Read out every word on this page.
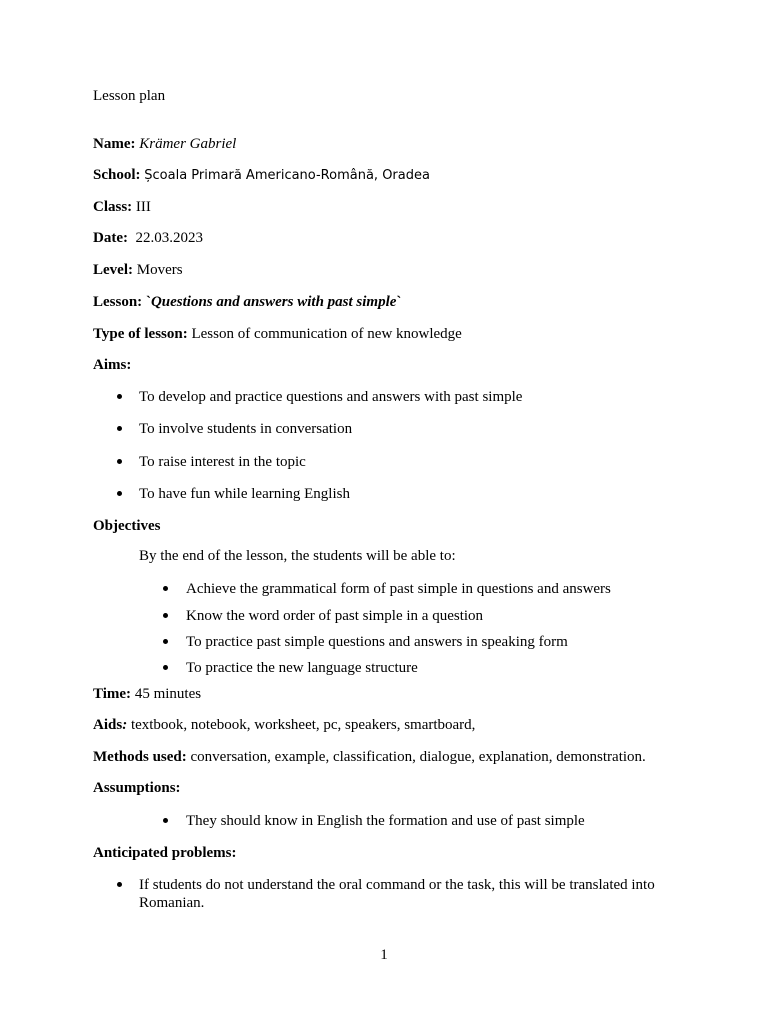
Lesson plan
Name: Krämer Gabriel
School: Școala Primară Americano-Română, Oradea
Class: III
Date: 22.03.2023
Level: Movers
Lesson: `Questions and answers with past simple`
Type of lesson: Lesson of communication of new knowledge
Aims:
To develop and practice questions and answers with past simple
To involve students in conversation
To raise interest in the topic
To have fun while learning English
Objectives
By the end of the lesson, the students will be able to:
Achieve the grammatical form of past simple in questions and answers
Know the word order of past simple in a question
To practice past simple questions and answers in speaking form
To practice the new language structure
Time: 45 minutes
Aids: textbook, notebook, worksheet, pc, speakers, smartboard,
Methods used: conversation, example, classification, dialogue, explanation, demonstration.
Assumptions:
They should know in English the formation and use of past simple
Anticipated problems:
If students do not understand the oral command or the task, this will be translated into
Romanian.
1
